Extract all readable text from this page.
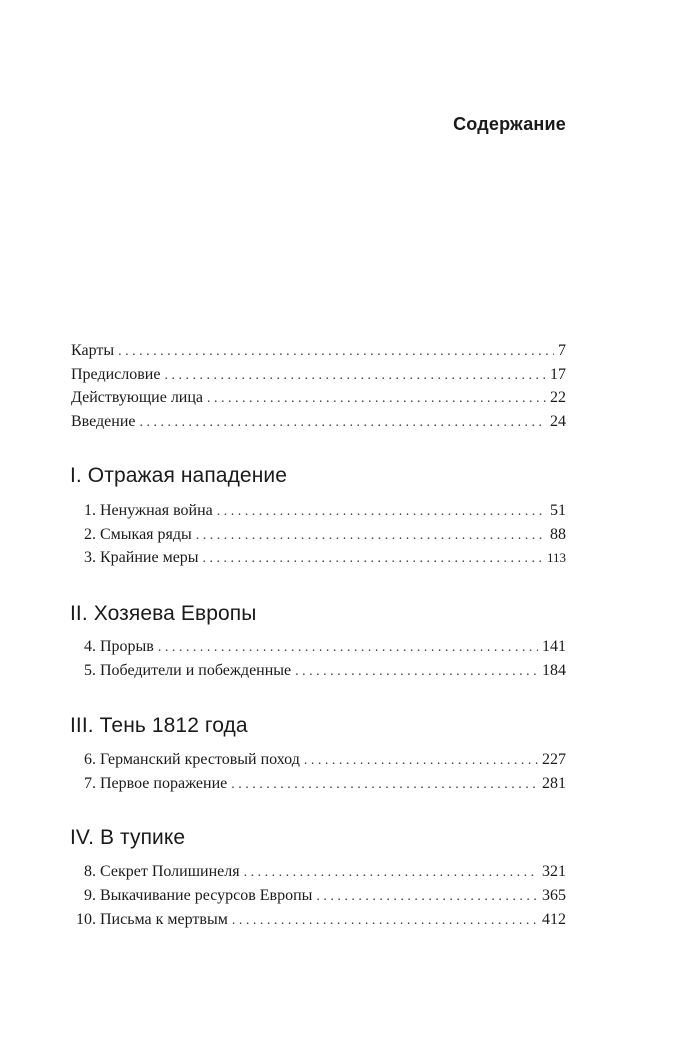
Содержание
Карты . . .	7
Предисловие . . .	17
Действующие лица . . .	22
Введение . . .	24
I. Отражая нападение
1. Ненужная война . . .	51
2. Смыкая ряды . . .	88
3. Крайние меры . . .	113
II. Хозяева Европы
4. Прорыв . . .	141
5. Победители и побежденные . . .	184
III. Тень 1812 года
6. Германский крестовый поход . . .	227
7. Первое поражение . . .	281
IV. В тупике
8. Секрет Полишинеля . . .	321
9. Выкачивание ресурсов Европы . . .	365
10. Письма к мертвым . . .	412
